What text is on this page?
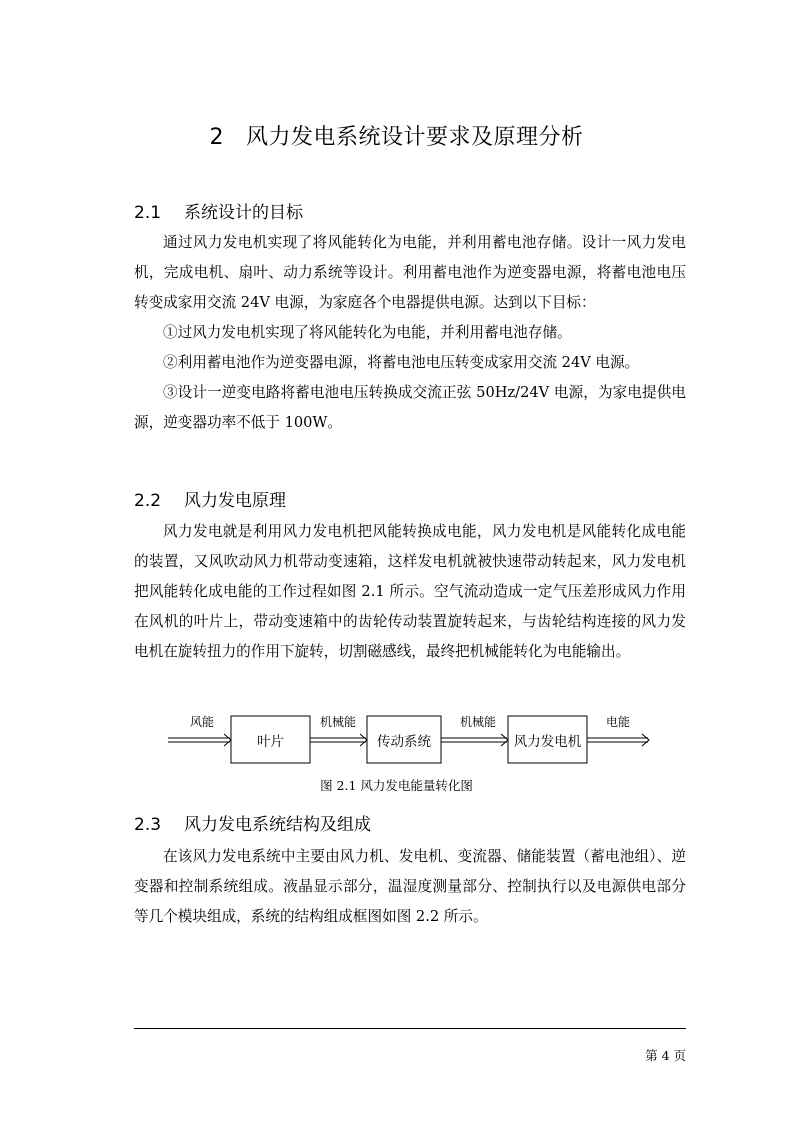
2 风力发电系统设计要求及原理分析
2.1 系统设计的目标

通过风力发电机实现了将风能转化为电能，并利用蓄电池存储。设计一风力发电机，完成电机、扇叶、动力系统等设计。利用蓄电池作为逆变器电源，将蓄电池电压转变成家用交流 24V 电源，为家庭各个电器提供电源。达到以下目标：

①过风力发电机实现了将风能转化为电能，并利用蓄电池存储。

②利用蓄电池作为逆变器电源，将蓄电池电压转变成家用交流 24V 电源。

③设计一逆变电路将蓄电池电压转换成交流正弦 50Hz/24V 电源，为家电提供电源，逆变器功率不低于 100W。

2.2 风力发电原理

风力发电就是利用风力发电机把风能转换成电能，风力发电机是风能转化成电能的装置，又风吹动风力机带动变速箱，这样发电机就被快速带动转起来，风力发电机把风能转化成电能的工作过程如图 2.1 所示。空气流动造成一定气压差形成风力作用在风机的叶片上，带动变速箱中的齿轮传动装置旋转起来，与齿轮结构连接的风力发电机在旋转扭力的作用下旋转，切割磁感线，最终把机械能转化为电能输出。

叶片	传动系统	风力发电机
风能	机械能	机械能	电能
图 2.1 风力发电能量转化图
2.3 风力发电系统结构及组成

在该风力发电系统中主要由风力机、发电机、变流器、储能装置（蓄电池组）、逆变器和控制系统组成。液晶显示部分，温湿度测量部分、控制执行以及电源供电部分等几个模块组成，系统的结构组成框图如图 2.2 所示。

第 4 页
